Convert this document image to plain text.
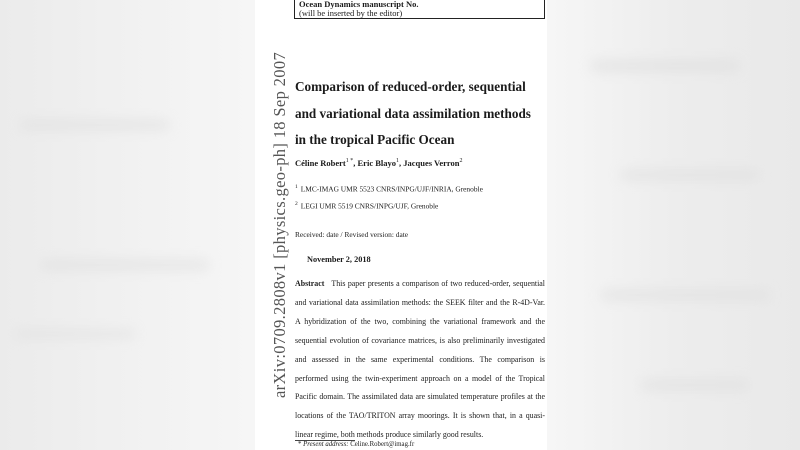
arXiv:0709.2808v1 [physics.geo-ph] 18 Sep 2007
Ocean Dynamics manuscript No.
(will be inserted by the editor)
Comparison of reduced-order, sequential and variational data assimilation methods in the tropical Pacific Ocean
Céline Robert$^{1 *}$, Eric Blayo$^1$, Jacques Verron$^2$
$^1$ LMC-IMAG UMR 5523 CNRS/INPG/UJF/INRIA, Grenoble
$^2$ LEGI UMR 5519 CNRS/INPG/UJF, Grenoble
Received: date / Revised version: date
November 2, 2018
Abstract This paper presents a comparison of two reduced-order, sequential and variational data assimilation methods: the SEEK filter and the R-4D-Var. A hybridization of the two, combining the variational framework and the sequential evolution of covariance matrices, is also preliminarily investigated and assessed in the same experimental conditions. The comparison is performed using the twin-experiment approach on a model of the Tropical Pacific domain. The assimilated data are simulated temperature profiles at the locations of the TAO/TRITON array moorings. It is shown that, in a quasi-linear regime, both methods produce similarly good results.
* Present address: Celine.Robert@imag.fr
